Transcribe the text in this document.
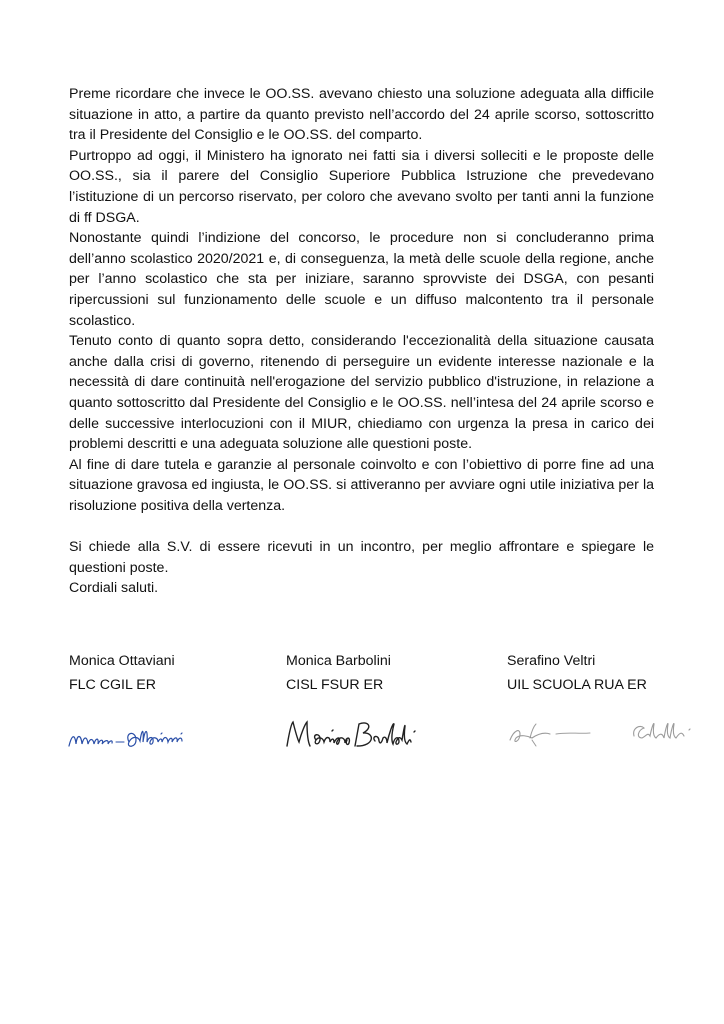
Preme ricordare che invece le OO.SS. avevano chiesto una soluzione adeguata alla difficile situazione in atto, a partire da quanto previsto nell’accordo del 24 aprile scorso, sottoscritto tra il Presidente del Consiglio e le OO.SS. del comparto.

Purtroppo ad oggi, il Ministero ha ignorato nei fatti sia i diversi solleciti e le proposte delle OO.SS., sia il parere del Consiglio Superiore Pubblica Istruzione che prevedevano l’istituzione di un percorso riservato, per coloro che avevano svolto per tanti anni la funzione di ff DSGA.

Nonostante quindi l’indizione del concorso, le procedure non si concluderanno prima dell’anno scolastico 2020/2021 e, di conseguenza, la metà delle scuole della regione, anche per l’anno scolastico che sta per iniziare, saranno sprovviste dei DSGA, con pesanti ripercussioni sul funzionamento delle scuole e un diffuso malcontento tra il personale scolastico.

Tenuto conto di quanto sopra detto, considerando l'eccezionalità della situazione causata anche dalla crisi di governo, ritenendo di perseguire un evidente interesse nazionale e la necessità di dare continuità nell'erogazione del servizio pubblico d'istruzione, in relazione a quanto sottoscritto dal Presidente del Consiglio e le OO.SS. nell’intesa del 24 aprile scorso e delle successive interlocuzioni con il MIUR, chiediamo con urgenza la presa in carico dei problemi descritti e una adeguata soluzione alle questioni poste.

Al fine di dare tutela e garanzie al personale coinvolto e con l’obiettivo di porre fine ad una situazione gravosa ed ingiusta, le OO.SS. si attiveranno per avviare ogni utile iniziativa per la risoluzione positiva della vertenza.

Si chiede alla S.V. di essere ricevuti in un incontro, per meglio affrontare e spiegare le questioni poste.

Cordiali saluti.

Monica Ottaviani
FLC CGIL ER
Monica Barbolini
CISL FSUR ER
Serafino Veltri
UIL SCUOLA RUA ER
